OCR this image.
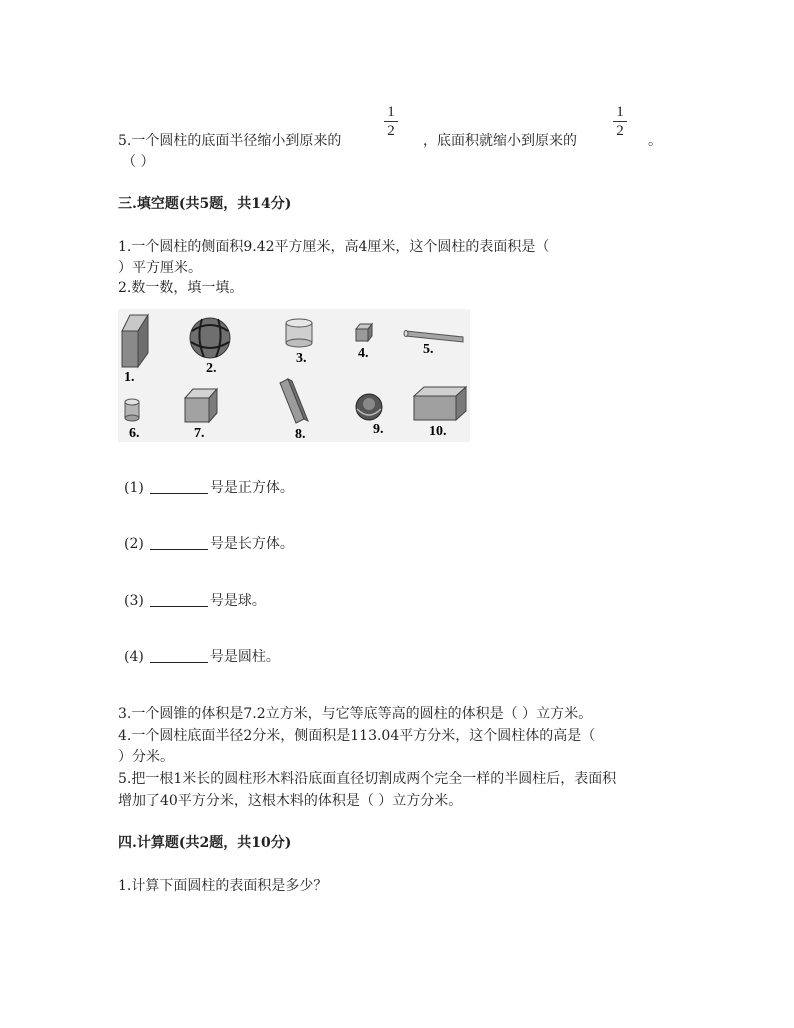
5.一个圆柱的底面半径缩小到原来的
1
2
，底面积就缩小到原来的
1
2
。
（ ）
三.填空题(共5题，共14分)
1.一个圆柱的侧面积9.42平方厘米，高4厘米，这个圆柱的表面积是（
）平方厘米。
2.数一数，填一填。
1.
2.
3.	4.	5.
6.	7.	8.	9.	10.
(1)	号是正方体。
(2)	号是长方体。
(3)	号是球。
(4)	号是圆柱。
3.一个圆锥的体积是7.2立方米，与它等底等高的圆柱的体积是（ ）立方米。
4.一个圆柱底面半径2分米，侧面积是113.04平方分米，这个圆柱体的高是（
）分米。
5.把一根1米长的圆柱形木料沿底面直径切割成两个完全一样的半圆柱后，表面积
增加了40平方分米，这根木料的体积是（ ）立方分米。
四.计算题(共2题，共10分)
1.计算下面圆柱的表面积是多少？
